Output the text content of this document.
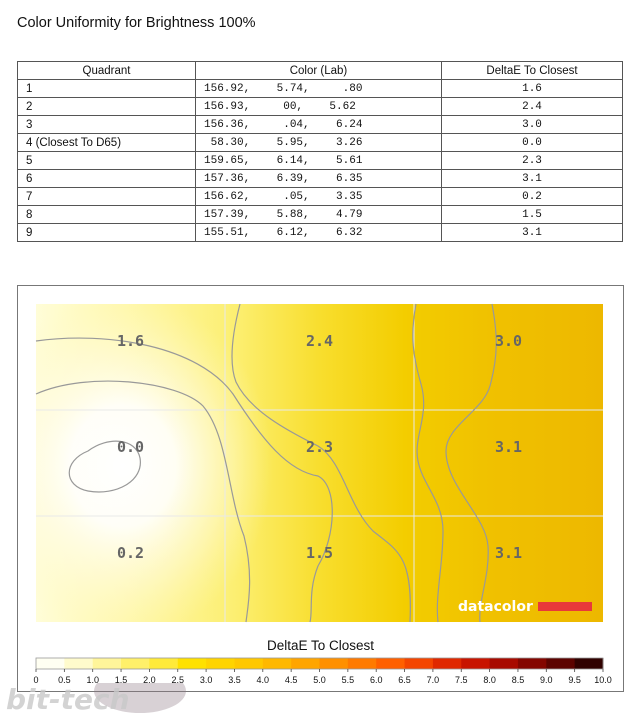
Color Uniformity for Brightness 100%
Quadrant	Color (Lab)	DeltaE To Closest
1	156.92,    5.74,     .80	1.6
2	156.93,     00,    5.62	2.4
3	156.36,     .04,    6.24	3.0
4 (Closest To D65)	58.30,    5.95,    3.26	0.0
5	159.65,    6.14,    5.61	2.3
6	157.36,    6.39,    6.35	3.1
7	156.62,     .05,    3.35	0.2
8	157.39,    5.88,    4.79	1.5
9	155.51,    6.12,    6.32	3.1
1.6	2.4	3.0
0.0	2.3	3.1
0.2	1.5	3.1
datacolor
DeltaE To Closest
0 0.5 1.0 1.5 2.0 2.5 3.0 3.5 4.0 4.5 5.0 5.5 6.0 6.5 7.0 7.5 8.0 8.5 9.0 9.5 10.0
bit-tech
